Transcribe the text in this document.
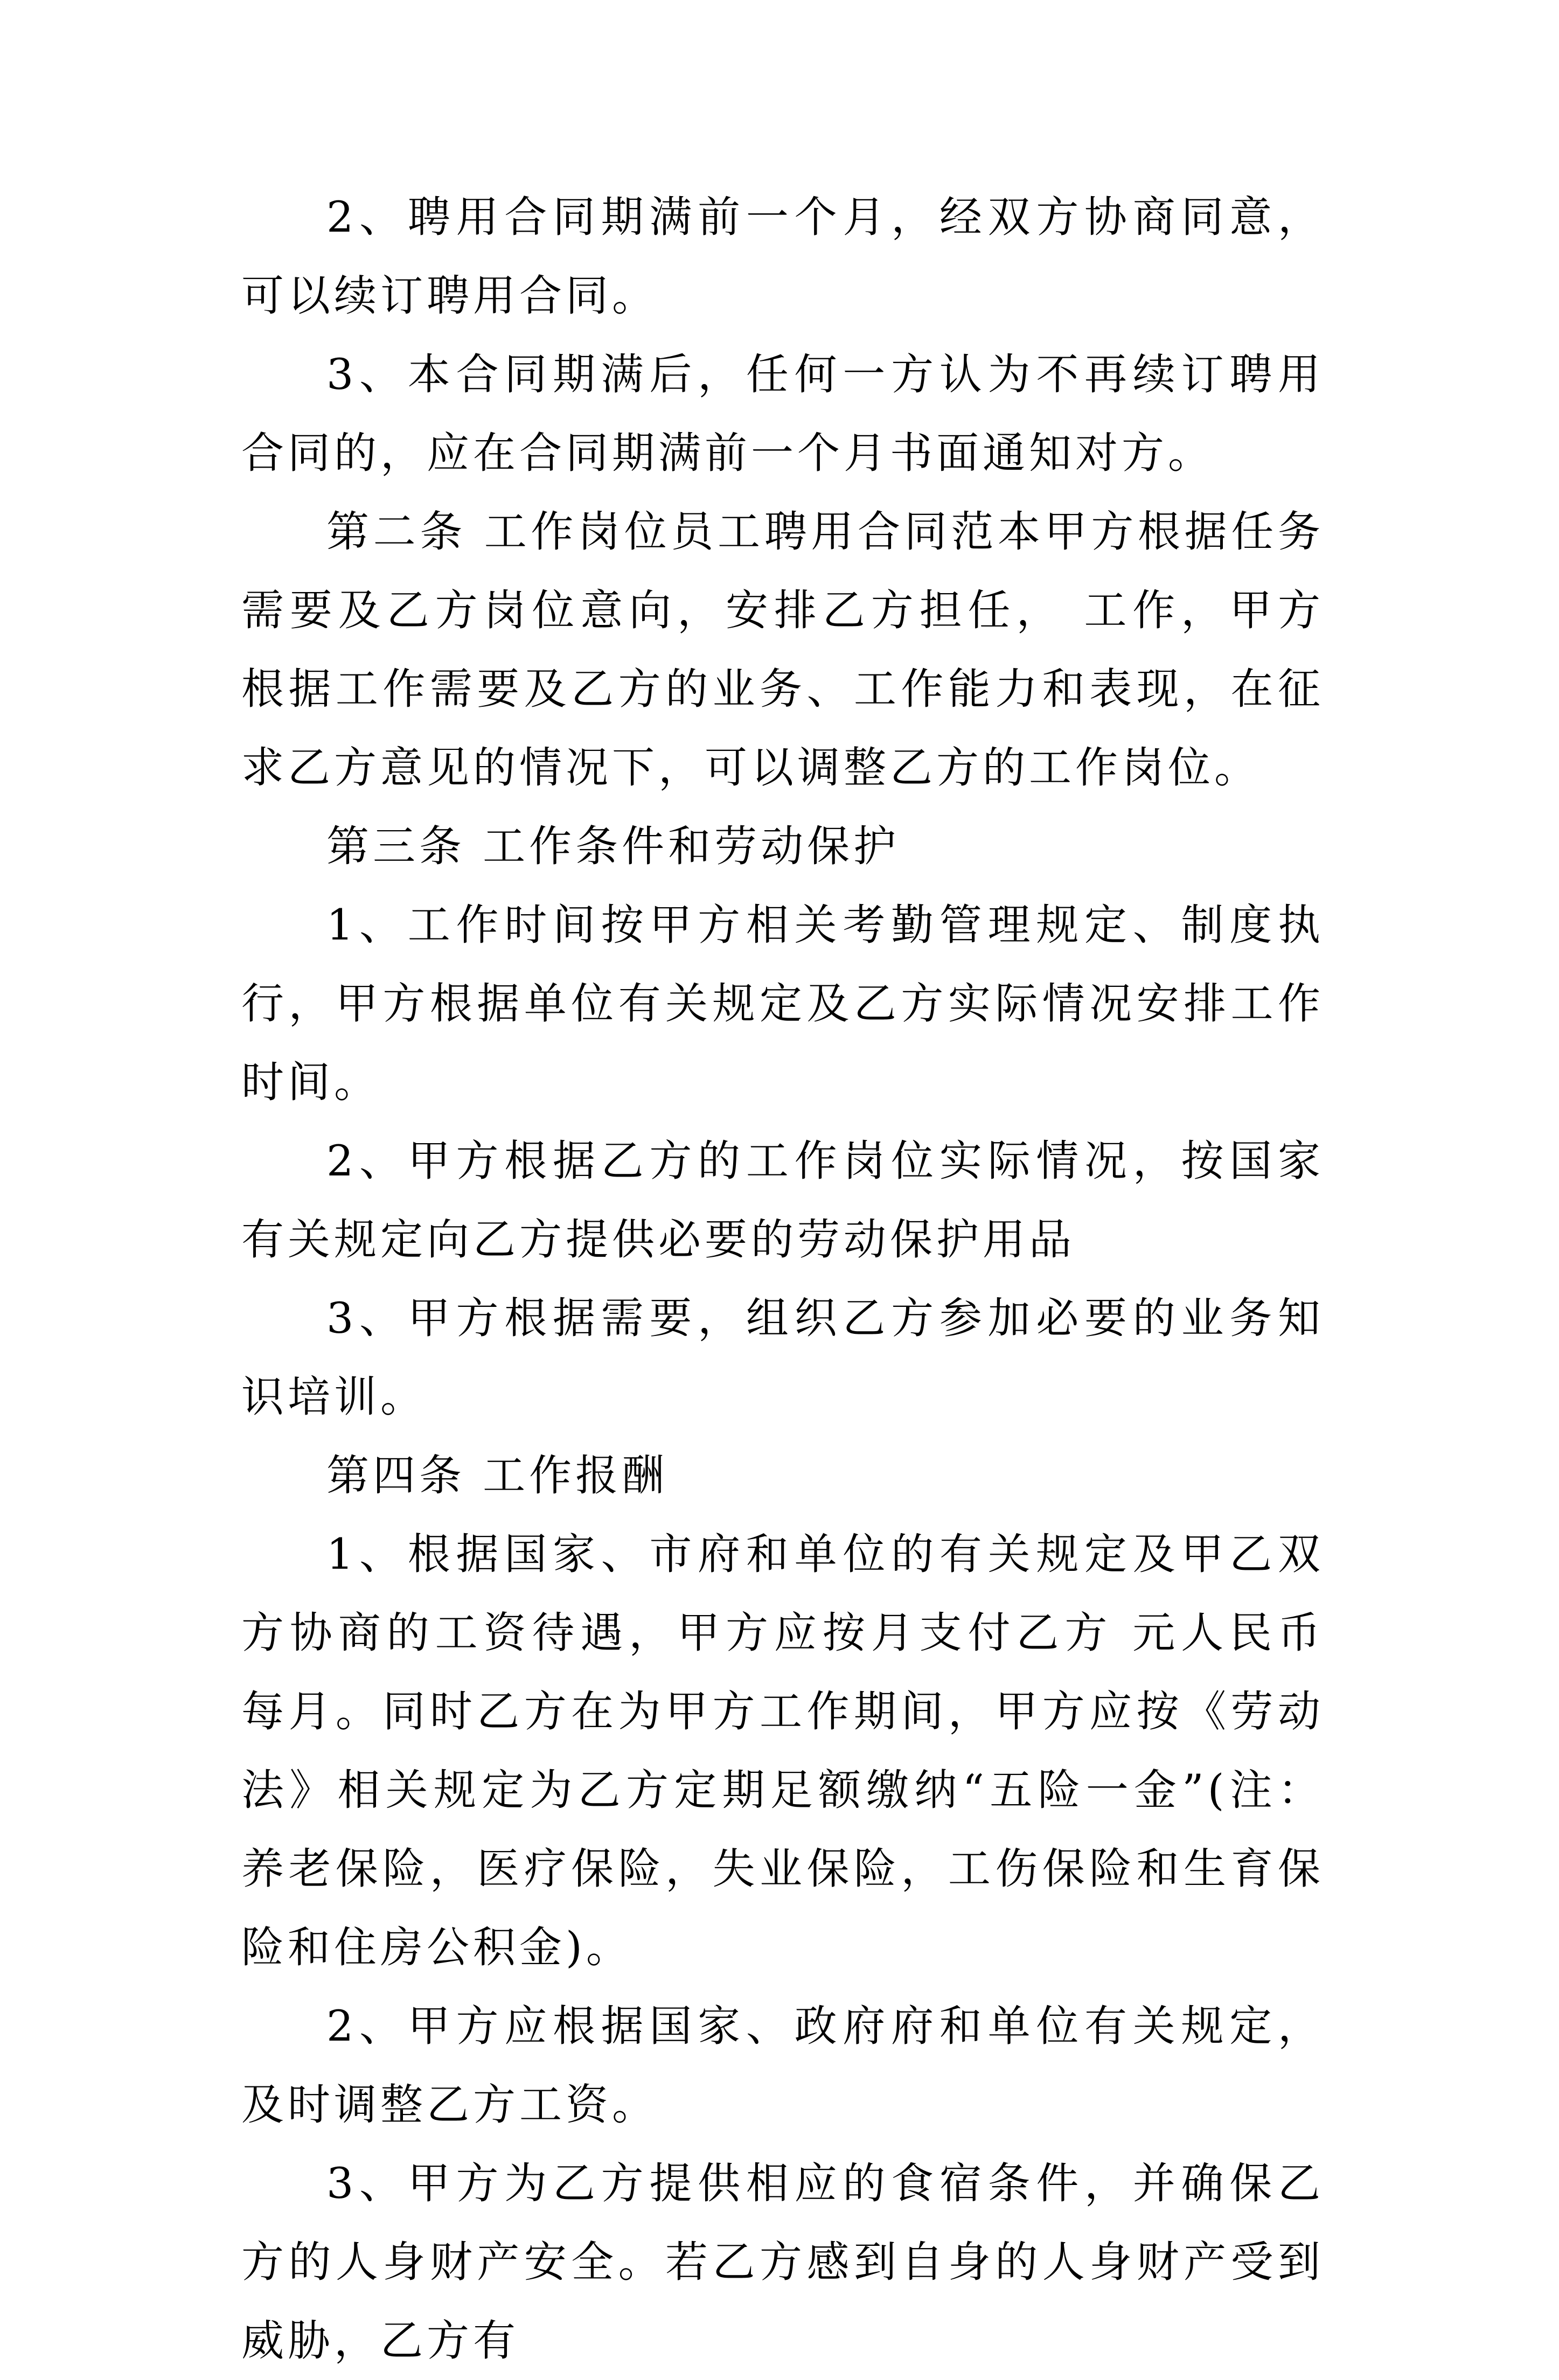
2、聘用合同期满前一个月，经双方协商同意，可以续订聘用合同。

3、本合同期满后，任何一方认为不再续订聘用合同的，应在合同期满前一个月书面通知对方。

第二条 工作岗位员工聘用合同范本甲方根据任务需要及乙方岗位意向，安排乙方担任， 工作，甲方根据工作需要及乙方的业务、工作能力和表现，在征求乙方意见的情况下，可以调整乙方的工作岗位。

第三条 工作条件和劳动保护

1、工作时间按甲方相关考勤管理规定、制度执行，甲方根据单位有关规定及乙方实际情况安排工作时间。

2、甲方根据乙方的工作岗位实际情况，按国家有关规定向乙方提供必要的劳动保护用品

3、甲方根据需要，组织乙方参加必要的业务知识培训。

第四条 工作报酬

1、根据国家、市府和单位的有关规定及甲乙双方协商的工资待遇，甲方应按月支付乙方 元人民币每月。同时乙方在为甲方工作期间，甲方应按《劳动法》相关规定为乙方定期足额缴纳“五险一金”(注：养老保险，医疗保险，失业保险，工伤保险和生育保险和住房公积金)。

2、甲方应根据国家、政府府和单位有关规定，及时调整乙方工资。

3、甲方为乙方提供相应的食宿条件，并确保乙方的人身财产安全。若乙方感到自身的人身财产受到威胁，乙方有
